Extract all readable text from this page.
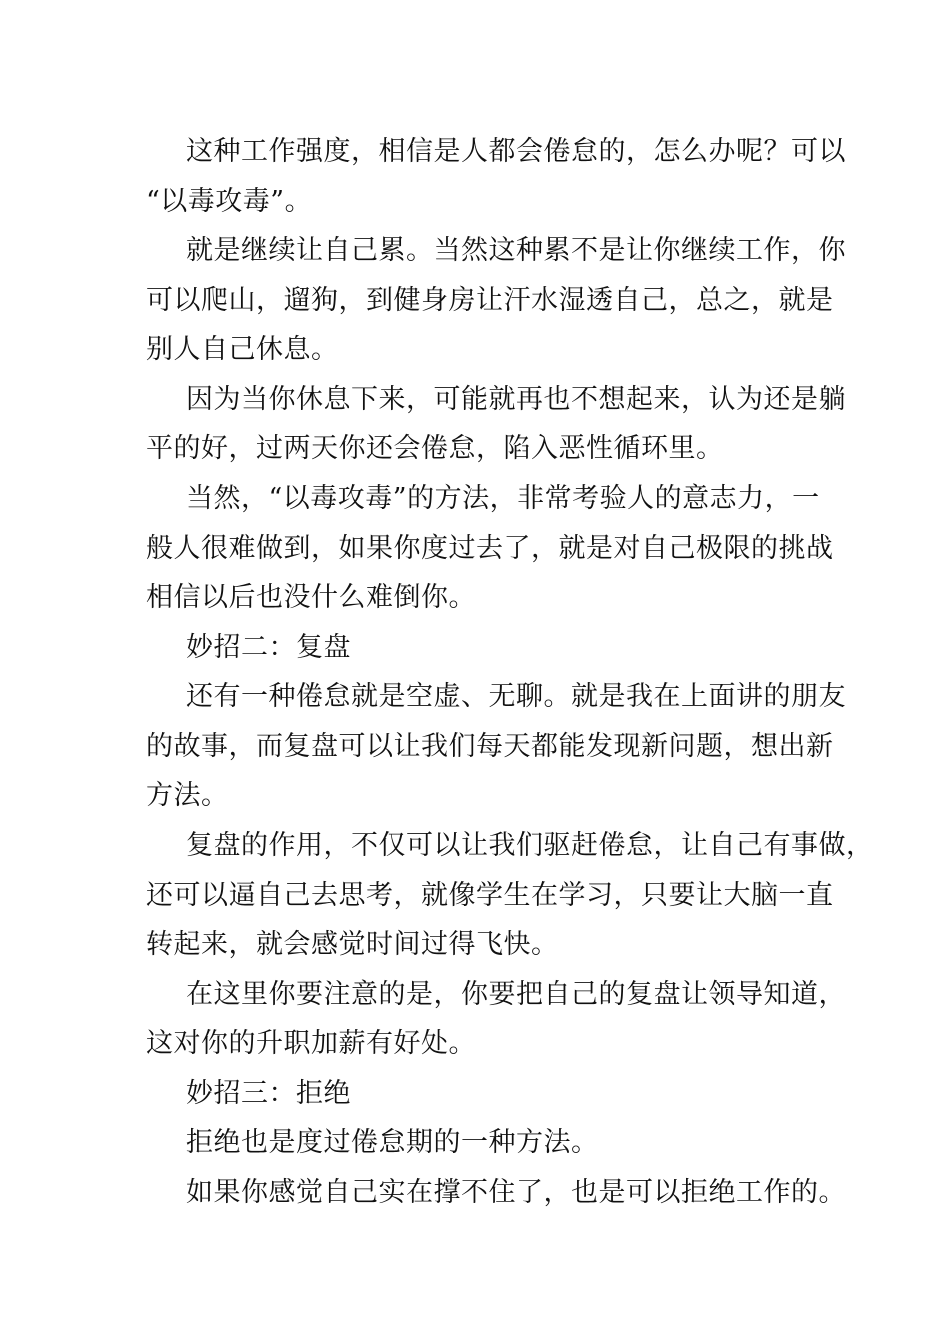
这种工作强度，相信是人都会倦怠的，怎么办呢？可以
“以毒攻毒”。
就是继续让自己累。当然这种累不是让你继续工作，你
可以爬山，遛狗，到健身房让汗水湿透自己，总之，就是
别人自己休息。
因为当你休息下来，可能就再也不想起来，认为还是躺
平的好，过两天你还会倦怠，陷入恶性循环里。
当然，“以毒攻毒”的方法，非常考验人的意志力，一
般人很难做到，如果你度过去了，就是对自己极限的挑战
相信以后也没什么难倒你。
妙招二：复盘
还有一种倦怠就是空虚、无聊。就是我在上面讲的朋友
的故事，而复盘可以让我们每天都能发现新问题，想出新
方法。
复盘的作用，不仅可以让我们驱赶倦怠，让自己有事做，
还可以逼自己去思考，就像学生在学习，只要让大脑一直
转起来，就会感觉时间过得飞快。
在这里你要注意的是，你要把自己的复盘让领导知道，
这对你的升职加薪有好处。
妙招三：拒绝
拒绝也是度过倦怠期的一种方法。
如果你感觉自己实在撑不住了，也是可以拒绝工作的。
